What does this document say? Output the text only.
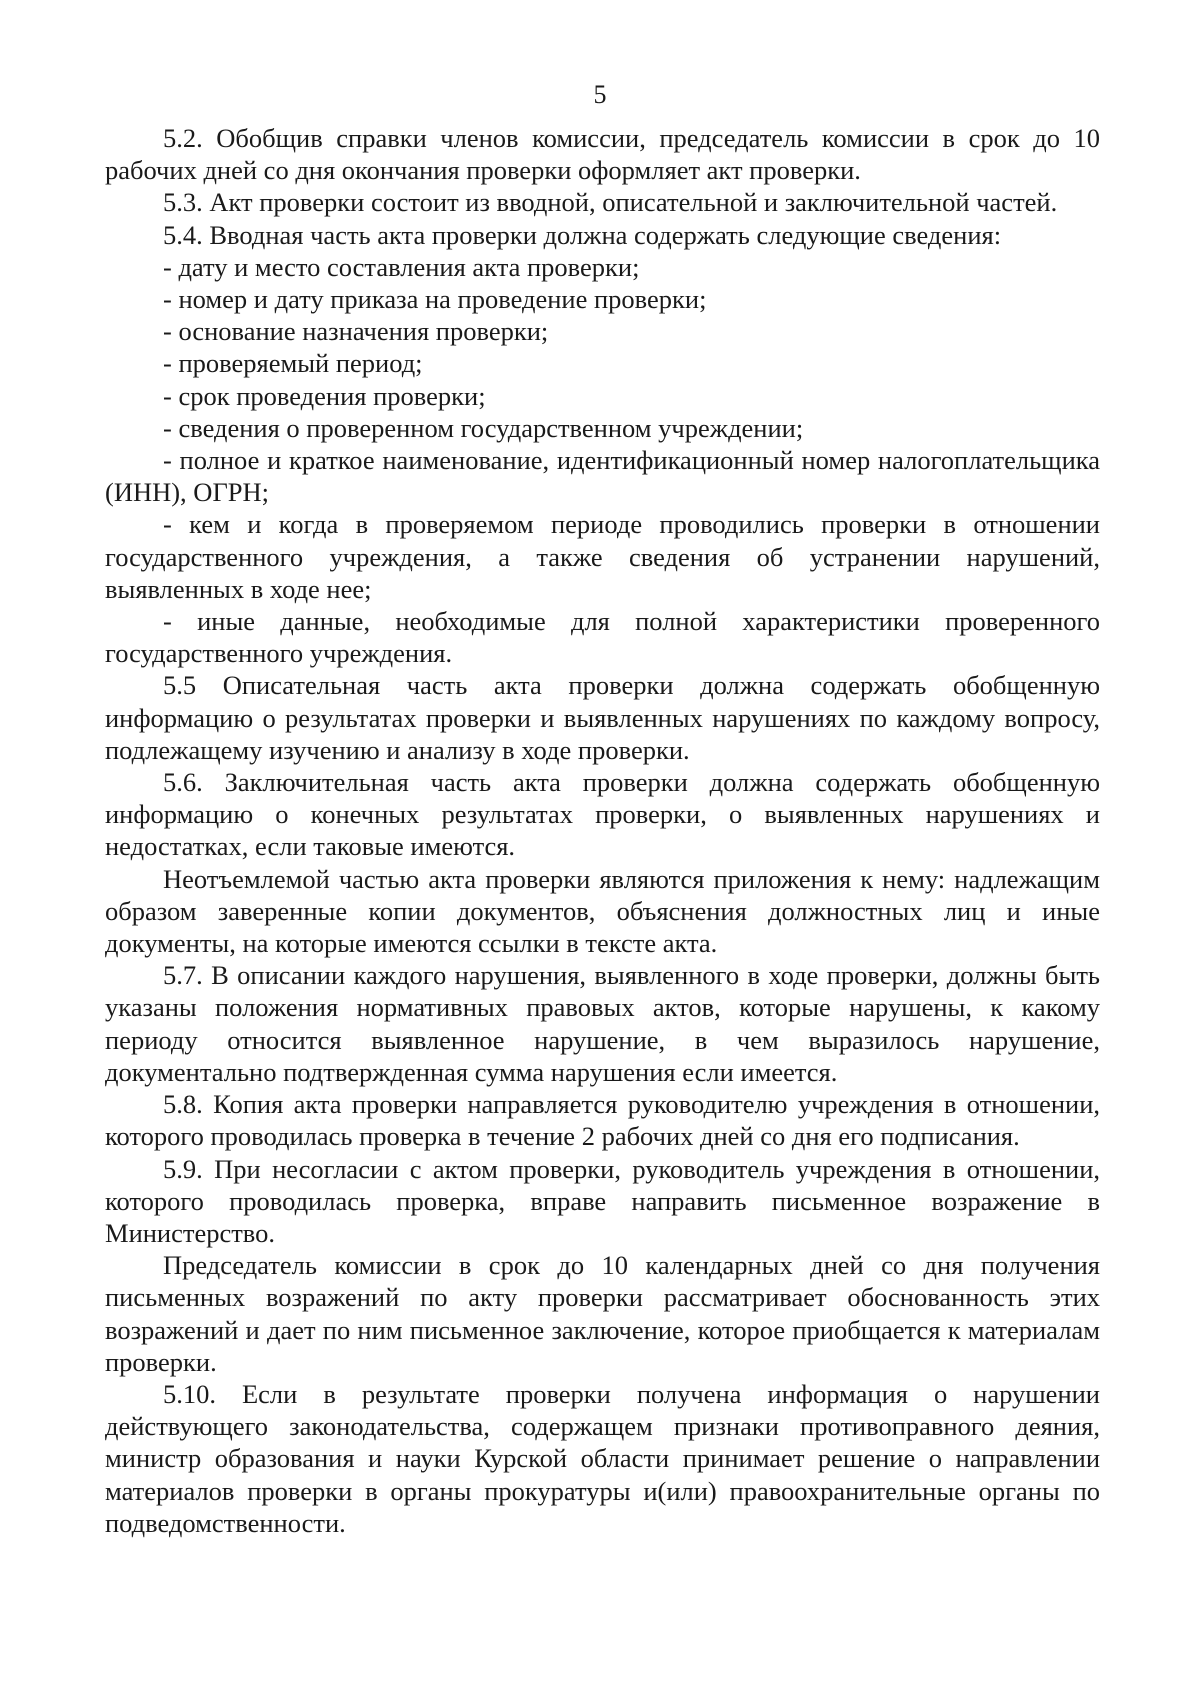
5

5.2. Обобщив справки членов комиссии, председатель комиссии в срок до 10 рабочих дней со дня окончания проверки оформляет акт проверки.

5.3. Акт проверки состоит из вводной, описательной и заключительной частей.

5.4. Вводная часть акта проверки должна содержать следующие сведения:

- дату и место составления акта проверки;

- номер и дату приказа на проведение проверки;

- основание назначения проверки;

- проверяемый период;

- срок проведения проверки;

- сведения о проверенном государственном учреждении;

- полное и краткое наименование, идентификационный номер налогоплательщика (ИНН), ОГРН;

- кем и когда в проверяемом периоде проводились проверки в отношении государственного учреждения, а также сведения об устранении нарушений, выявленных в ходе нее;

- иные данные, необходимые для полной характеристики проверенного государственного учреждения.

5.5 Описательная часть акта проверки должна содержать обобщенную информацию о результатах проверки и выявленных нарушениях по каждому вопросу, подлежащему изучению и анализу в ходе проверки.

5.6. Заключительная часть акта проверки должна содержать обобщенную информацию о конечных результатах проверки, о выявленных нарушениях и недостатках, если таковые имеются.

Неотъемлемой частью акта проверки являются приложения к нему: надлежащим образом заверенные копии документов, объяснения должностных лиц и иные документы, на которые имеются ссылки в тексте акта.

5.7. В описании каждого нарушения, выявленного в ходе проверки, должны быть указаны положения нормативных правовых актов, которые нарушены, к какому периоду относится выявленное нарушение, в чем выразилось нарушение, документально подтвержденная сумма нарушения если имеется.

5.8. Копия акта проверки направляется руководителю учреждения в отношении, которого проводилась проверка в течение 2 рабочих дней со дня его подписания.

5.9. При несогласии с актом проверки, руководитель учреждения в отношении, которого проводилась проверка, вправе направить письменное возражение в Министерство.

Председатель комиссии в срок до 10 календарных дней со дня получения письменных возражений по акту проверки рассматривает обоснованность этих возражений и дает по ним письменное заключение, которое приобщается к материалам проверки.

5.10. Если в результате проверки получена информация о нарушении действующего законодательства, содержащем признаки противоправного деяния, министр образования и науки Курской области принимает решение о направлении материалов проверки в органы прокуратуры и(или) правоохранительные органы по подведомственности.
